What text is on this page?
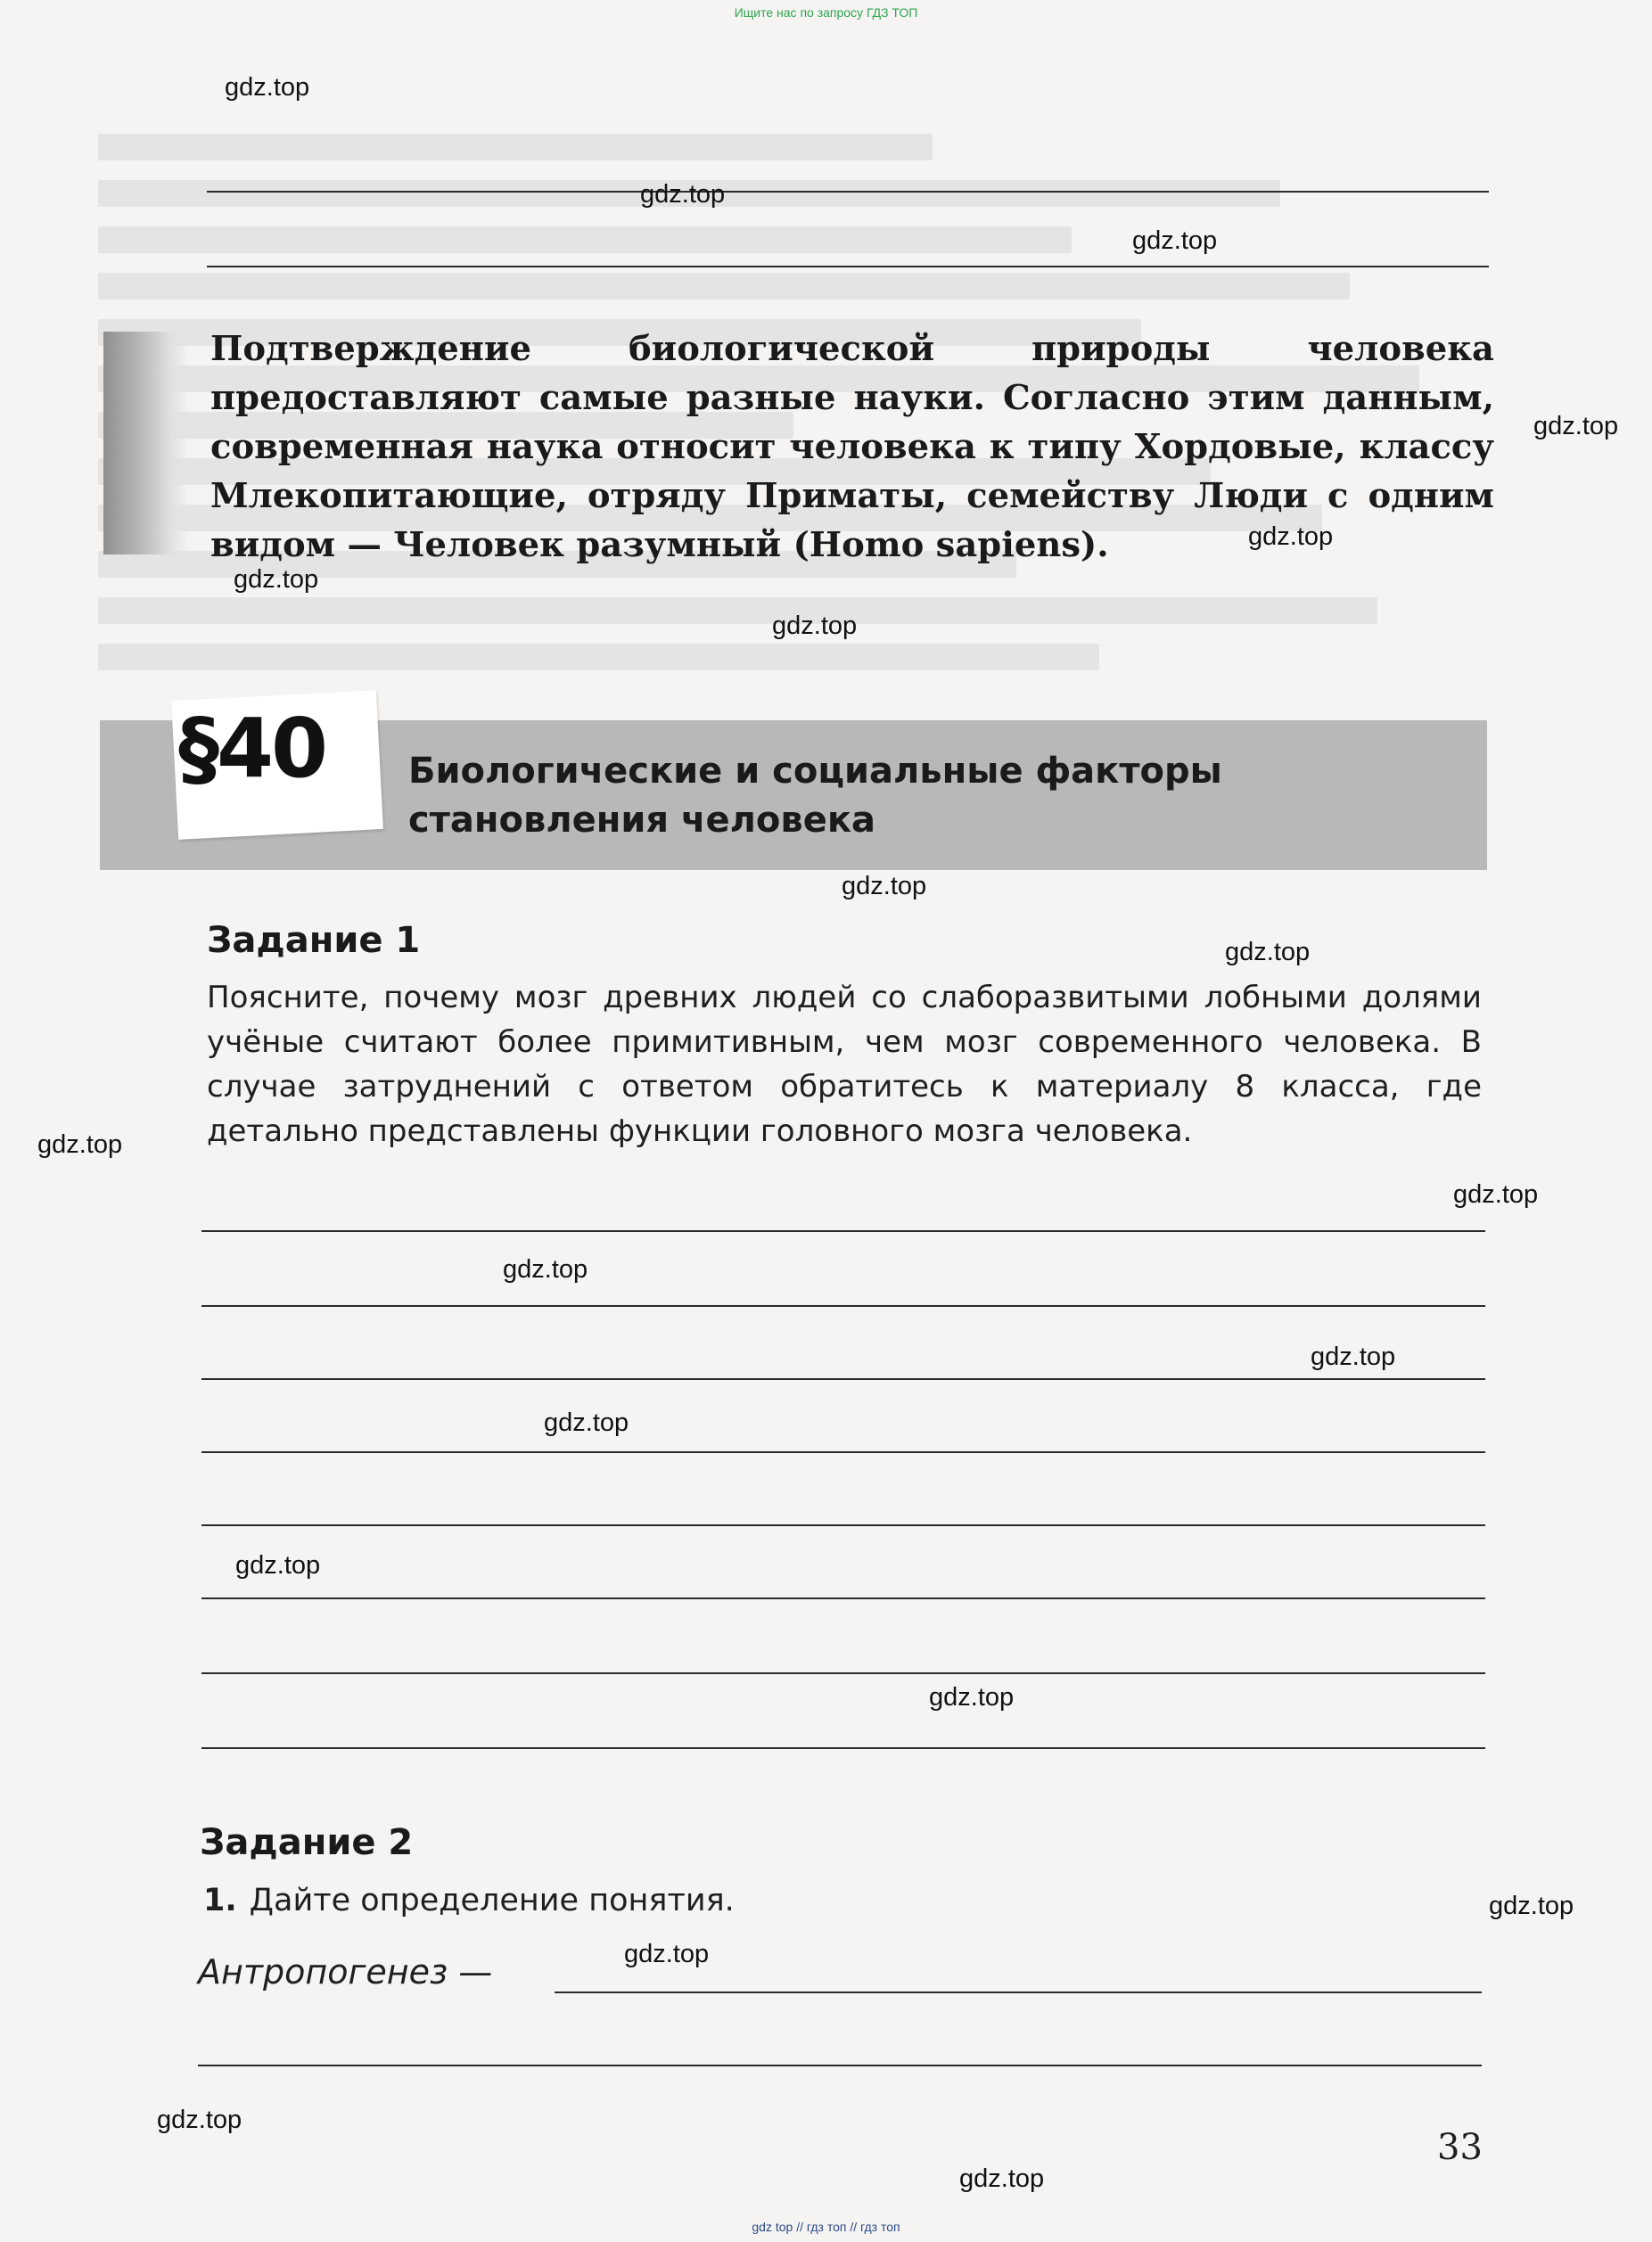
Ищите нас по запросу ГДЗ ТОП
Подтверждение биологической природы человека предоставляют самые разные науки. Согласно этим данным, современная наука относит человека к типу Хордовые, классу Млекопитающие, отряду Приматы, семейству Люди с одним видом — Человек разумный (Homo sapiens).
§40 Биологические и социальные факторы становления человека
Задание 1
Поясните, почему мозг древних людей со слаборазвитыми лобными долями учёные считают более примитивным, чем мозг современного человека. В случае затруднений с ответом обратитесь к материалу 8 класса, где детально представлены функции головного мозга человека.
Задание 2
1. Дайте определение понятия.
Антропогенез —
33
gdz.top
gdz.top
gdz.top
gdz.top
gdz.top
gdz.top
gdz.top
gdz.top
gdz.top
gdz.top
gdz.top
gdz.top
gdz.top
gdz.top
gdz.top
gdz.top
gdz.top
gdz.top
gdz.top
gdz.top
gdz top // гдз топ // гдз топ
